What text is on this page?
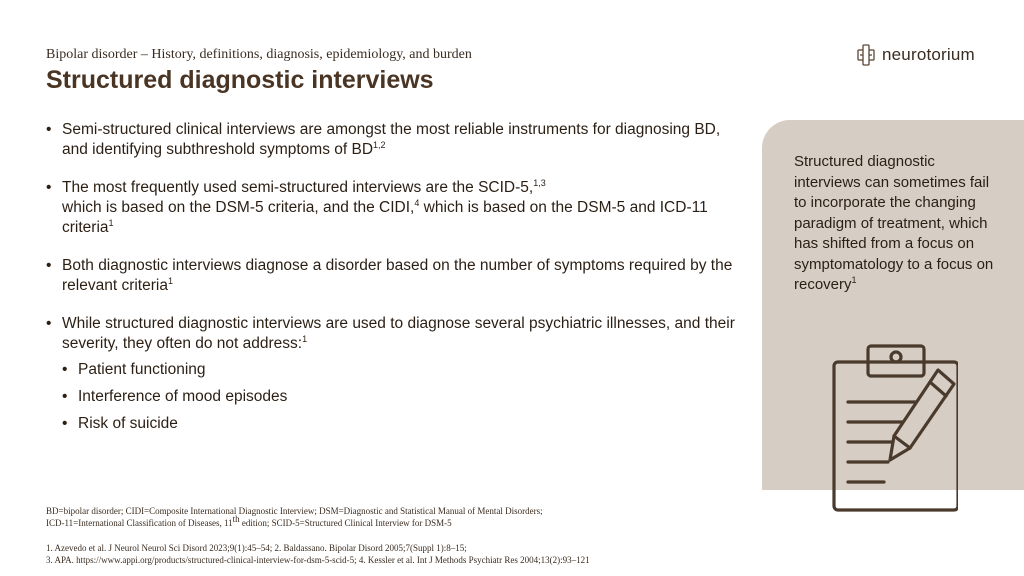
Bipolar disorder – History, definitions, diagnosis, epidemiology, and burden
Structured diagnostic interviews
neurotorium
• Semi-structured clinical interviews are amongst the most reliable instruments for diagnosing BD, and identifying subthreshold symptoms of BD$^{1,2}$
• The most frequently used semi-structured interviews are the SCID-5,$^{1,3}$
which is based on the DSM-5 criteria, and the CIDI,$^4$ which is based on the DSM-5 and ICD-11 criteria$^1$
• Both diagnostic interviews diagnose a disorder based on the number of symptoms required by the relevant criteria$^1$
• While structured diagnostic interviews are used to diagnose several psychiatric illnesses, and their severity, they often do not address:$^1$
• Patient functioning
• Interference of mood episodes
• Risk of suicide
Structured diagnostic interviews can sometimes fail to incorporate the changing paradigm of treatment, which has shifted from a focus on symptomatology to a focus on recovery$^1$
BD=bipolar disorder; CIDI=Composite International Diagnostic Interview; DSM=Diagnostic and Statistical Manual of Mental Disorders;
ICD-11=International Classification of Diseases, 11th edition; SCID-5=Structured Clinical Interview for DSM-5
1. Azevedo et al. J Neurol Neurol Sci Disord 2023;9(1):45–54; 2. Baldassano. Bipolar Disord 2005;7(Suppl 1):8–15;
3. APA. https://www.appi.org/products/structured-clinical-interview-for-dsm-5-scid-5; 4. Kessler et al. Int J Methods Psychiatr Res 2004;13(2):93–121
